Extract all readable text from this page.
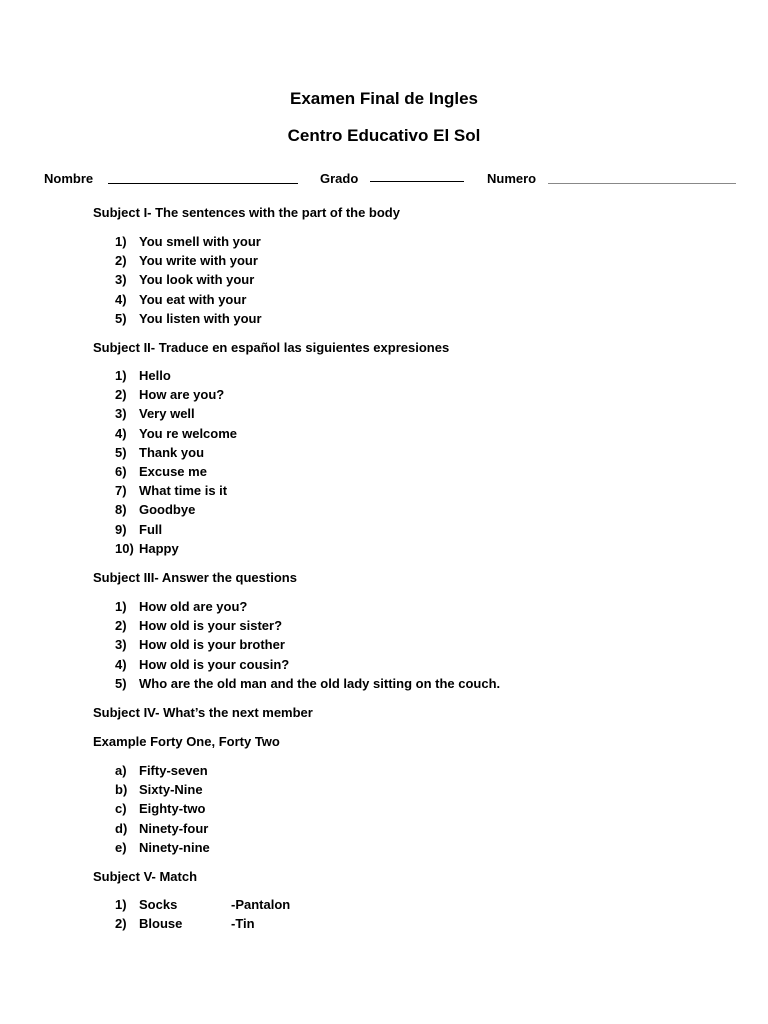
Examen Final de Ingles
Centro Educativo El Sol
Nombre	Grado	Numero
Subject I- The sentences with the part of the body
1) You smell with your
2) You write with your
3) You look with your
4) You eat with your
5) You listen with your
Subject II- Traduce en español las siguientes expresiones
1) Hello
2) How are you?
3) Very well
4) You re welcome
5) Thank you
6) Excuse me
7) What time is it
8) Goodbye
9) Full
10) Happy
Subject III- Answer the questions
1) How old are you?
2) How old is your sister?
3) How old is your brother
4) How old is your cousin?
5) Who are the old man and the old lady sitting on the couch.
Subject IV- What’s the next member
Example Forty One, Forty Two
a) Fifty-seven
b) Sixty-Nine
c) Eighty-two
d) Ninety-four
e) Ninety-nine
Subject V- Match
1) Socks	-Pantalon
2) Blouse	-Tin
